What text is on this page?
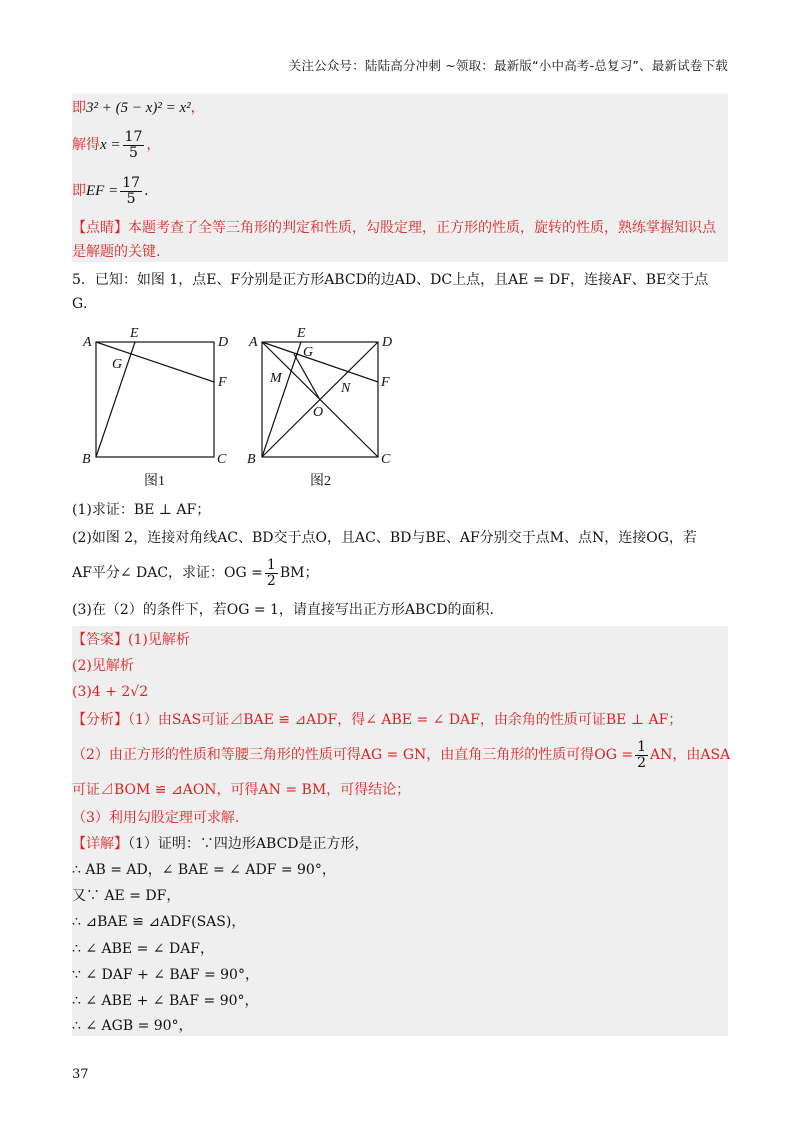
关注公众号：陆陆高分冲刺 ~领取：最新版“小中高考-总复习”、最新试卷下载
即3² + (5 − x)² = x²，
解得$x = \frac{17}{5}$ ，
即EF = $\frac{17}{5}$ .
【点睛】本题考查了全等三角形的判定和性质，勾股定理，正方形的性质，旋转的性质，熟练掌握知识点是解题的关键.
5．已知：如图 1，点E、F分别是正方形ABCD的边AD、DC上点，且AE = DF，连接AF、BE交于点
G．
A
E
D
G
F
B	C
图1
A
E
D
G
M
N F
O
B	C
图2
(1)求证：BE ⊥ AF；
(2)如图 2，连接对角线AC、BD交于点O，且AC、BD与BE、AF分别交于点M、点N，连接OG，若
AF平分∠ DAC，求证：OG = $\frac{1}{2}$ BM；
(3)在（2）的条件下，若OG = 1，请直接写出正方形ABCD的面积.
【答案】(1)见解析
(2)见解析
(3)4 + 2√2
【分析】（1）由SAS可证⊿BAE ≌ ⊿ADF，得∠ ABE = ∠ DAF，由余角的性质可证BE ⊥ AF；
（2）由正方形的性质和等腰三角形的性质可得AG = GN，由直角三角形的性质可得OG = $\frac{1}{2}$ AN，由ASA
可证⊿BOM ≌ ⊿AON，可得AN = BM，可得结论；
（3）利用勾股定理可求解.
【详解】（1）证明：∵四边形ABCD是正方形，
∴ AB = AD，∠ BAE = ∠ ADF = 90°，
又∵ AE = DF，
∴ ⊿BAE ≌ ⊿ADF(SAS)，
∴ ∠ ABE = ∠ DAF，
∵ ∠ DAF + ∠ BAF = 90°，
∴ ∠ ABE + ∠ BAF = 90°，
∴ ∠ AGB = 90°，
37
